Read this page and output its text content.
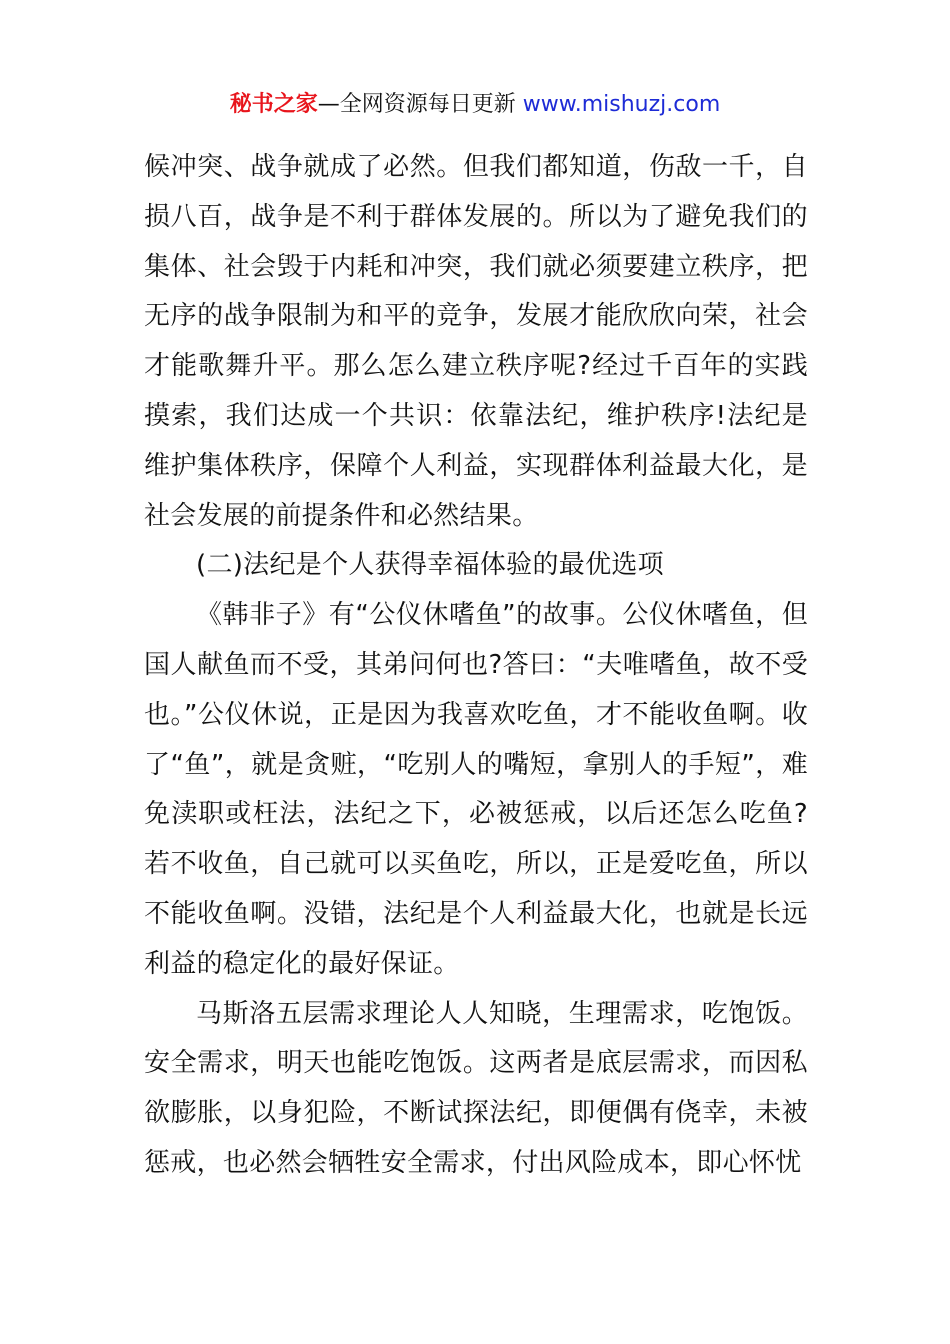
秘书之家—全网资源每日更新 www.mishuzj.com

候冲突、战争就成了必然。但我们都知道，伤敌一千，自损八百，战争是不利于群体发展的。所以为了避免我们的集体、社会毁于内耗和冲突，我们就必须要建立秩序，把无序的战争限制为和平的竞争，发展才能欣欣向荣，社会才能歌舞升平。那么怎么建立秩序呢?经过千百年的实践摸索，我们达成一个共识：依靠法纪，维护秩序!法纪是维护集体秩序，保障个人利益，实现群体利益最大化，是社会发展的前提条件和必然结果。

(二)法纪是个人获得幸福体验的最优选项

《韩非子》有“公仪休嗜鱼”的故事。公仪休嗜鱼，但国人献鱼而不受，其弟问何也?答曰：“夫唯嗜鱼，故不受也。”公仪休说，正是因为我喜欢吃鱼，才不能收鱼啊。收了“鱼”，就是贪赃，“吃别人的嘴短，拿别人的手短”，难免渎职或枉法，法纪之下，必被惩戒，以后还怎么吃鱼?若不收鱼，自己就可以买鱼吃，所以，正是爱吃鱼，所以不能收鱼啊。没错，法纪是个人利益最大化，也就是长远利益的稳定化的最好保证。

马斯洛五层需求理论人人知晓，生理需求，吃饱饭。安全需求，明天也能吃饱饭。这两者是底层需求，而因私欲膨胀，以身犯险，不断试探法纪，即便偶有侥幸，未被惩戒，也必然会牺牲安全需求，付出风险成本，即心怀忧
